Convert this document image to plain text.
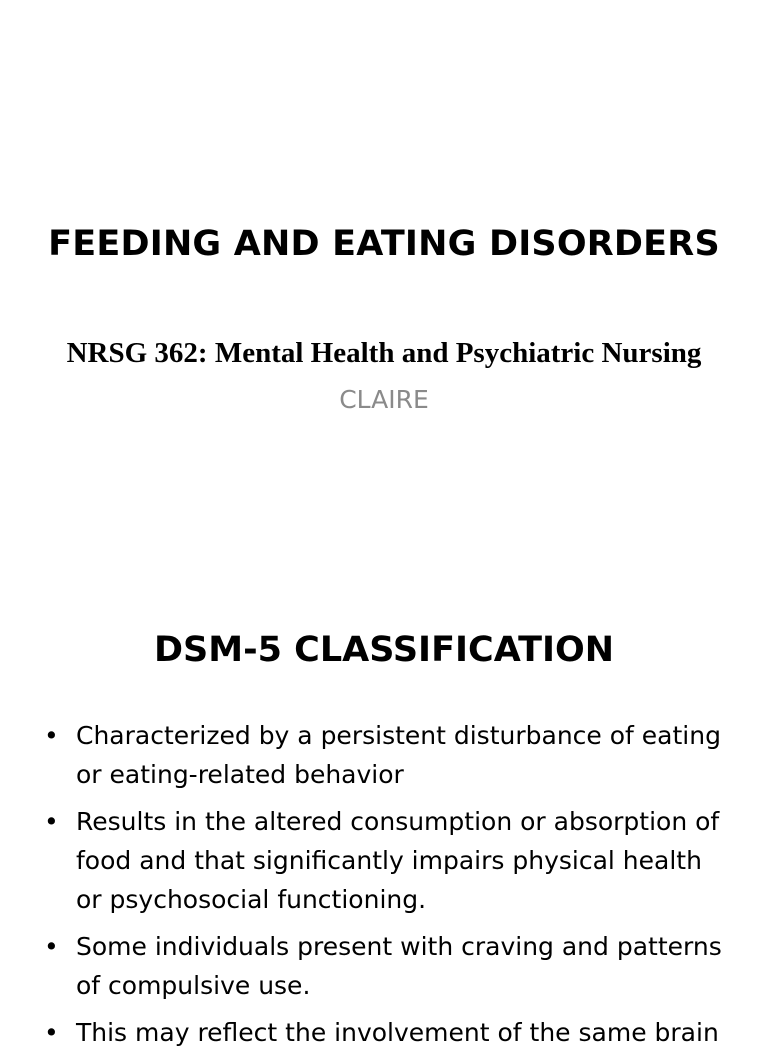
FEEDING AND EATING DISORDERS

NRSG 362: Mental Health and Psychiatric Nursing

CLAIRE

DSM-5 CLASSIFICATION
• Characterized by a persistent disturbance of eating or eating-related behavior
• Results in the altered consumption or absorption of food and that significantly impairs physical health or psychosocial functioning.
• Some individuals present with craving and patterns of compulsive use.
• This may reflect the involvement of the same brain
